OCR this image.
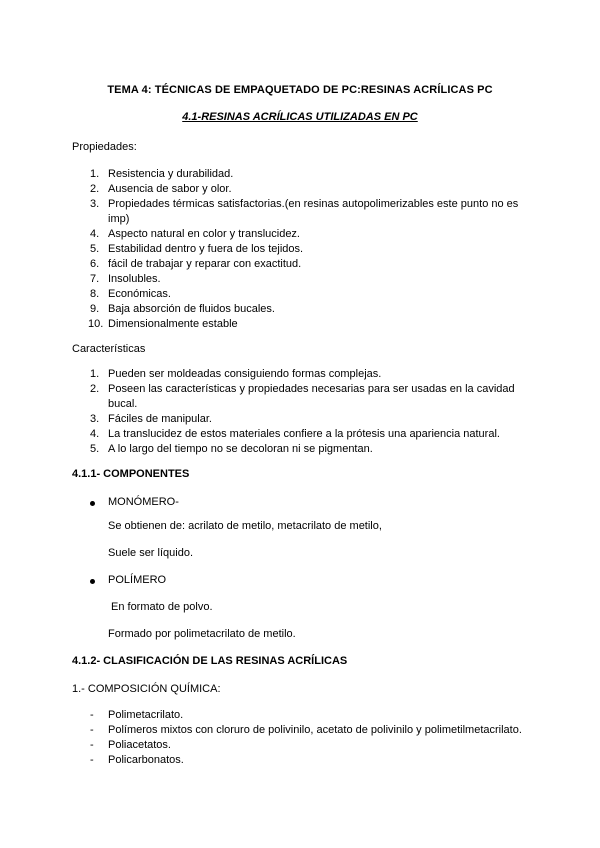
TEMA 4: TÉCNICAS DE EMPAQUETADO DE PC:RESINAS ACRÍLICAS PC
4.1-RESINAS ACRÍLICAS UTILIZADAS EN PC
Propiedades:
1. Resistencia y durabilidad.
2. Ausencia de sabor y olor.
3. Propiedades térmicas satisfactorias.(en resinas autopolimerizables este punto no es imp)
4. Aspecto natural en color y translucidez.
5. Estabilidad dentro y fuera de los tejidos.
6. fácil de trabajar y reparar con exactitud.
7. Insolubles.
8. Económicas.
9. Baja absorción de fluidos bucales.
10. Dimensionalmente estable
Características
1. Pueden ser moldeadas consiguiendo formas complejas.
2. Poseen las características y propiedades necesarias para ser usadas en la cavidad bucal.
3. Fáciles de manipular.
4. La translucidez de estos materiales confiere a la prótesis una apariencia natural.
5. A lo largo del tiempo no se decoloran ni se pigmentan.
4.1.1- COMPONENTES
MONÓMERO-
Se obtienen de: acrilato de metilo, metacrilato de metilo,
Suele ser líquido.
POLÍMERO
En formato de polvo.
Formado por polimetacrilato de metilo.
4.1.2- CLASIFICACIÓN DE LAS RESINAS ACRÍLICAS
1.- COMPOSICIÓN QUÍMICA:
- Polimetacrilato.
- Polímeros mixtos con cloruro de polivinilo, acetato de polivinilo y polimetilmetacrilato.
- Poliacetatos.
- Policarbonatos.
